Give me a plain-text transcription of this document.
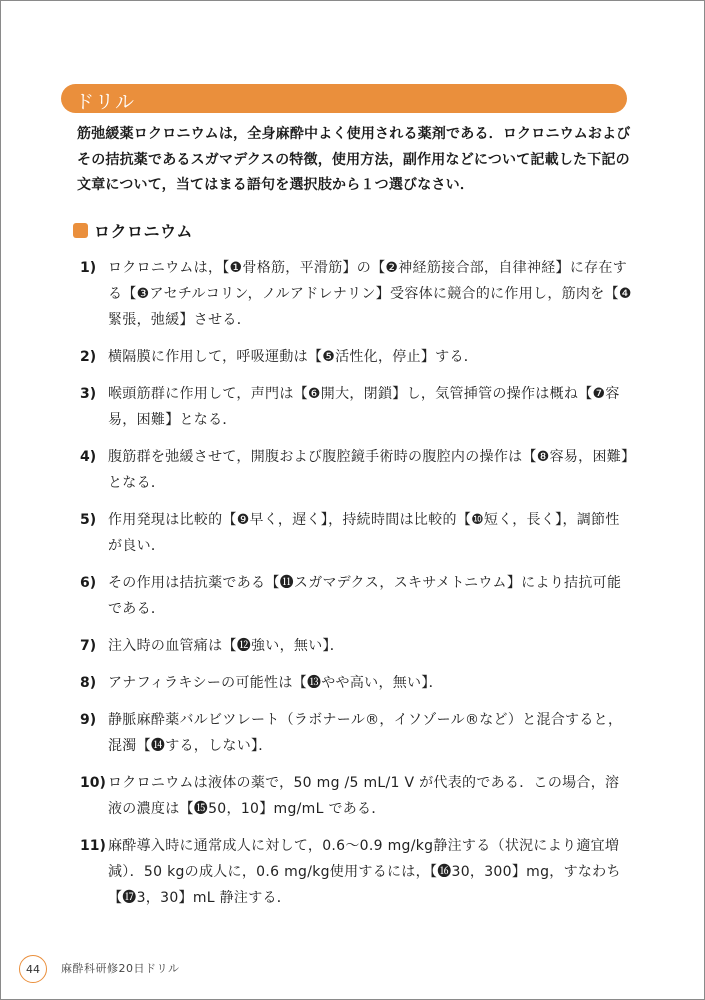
ドリル
筋弛緩薬ロクロニウムは，全身麻酔中よく使用される薬剤である．ロクロニウムおよびその拮抗薬であるスガマデクスの特徴，使用方法，副作用などについて記載した下記の文章について，当てはまる語句を選択肢から１つ選びなさい．
ロクロニウム
1) ロクロニウムは，【❶骨格筋，平滑筋】の【❷神経筋接合部，自律神経】に存在する【❸アセチルコリン，ノルアドレナリン】受容体に競合的に作用し，筋肉を【❹緊張，弛緩】させる．
2) 横隔膜に作用して，呼吸運動は【❺活性化，停止】する．
3) 喉頭筋群に作用して，声門は【❻開大，閉鎖】し，気管挿管の操作は概ね【❼容易，困難】となる．
4) 腹筋群を弛緩させて，開腹および腹腔鏡手術時の腹腔内の操作は【❽容易，困難】となる．
5) 作用発現は比較的【❾早く，遅く】，持続時間は比較的【❿短く，長く】，調節性が良い．
6) その作用は拮抗薬である【⓫スガマデクス，スキサメトニウム】により拮抗可能である．
7) 注入時の血管痛は【⓬強い，無い】．
8) アナフィラキシーの可能性は【⓭やや高い，無い】．
9) 静脈麻酔薬バルビツレート（ラボナール®，イソゾール®など）と混合すると，混濁【⓮する，しない】．
10) ロクロニウムは液体の薬で，50 mg /5 mL/1 V が代表的である．この場合，溶液の濃度は【⓯50，10】mg/mL である．
11) 麻酔導入時に通常成人に対して，0.6～0.9 mg/kg静注する（状況により適宜増減）．50 kgの成人に，0.6 mg/kg使用するには，【⓰30，300】mg，すなわち【⓱3，30】mL 静注する．
44	麻酔科研修20日ドリル
